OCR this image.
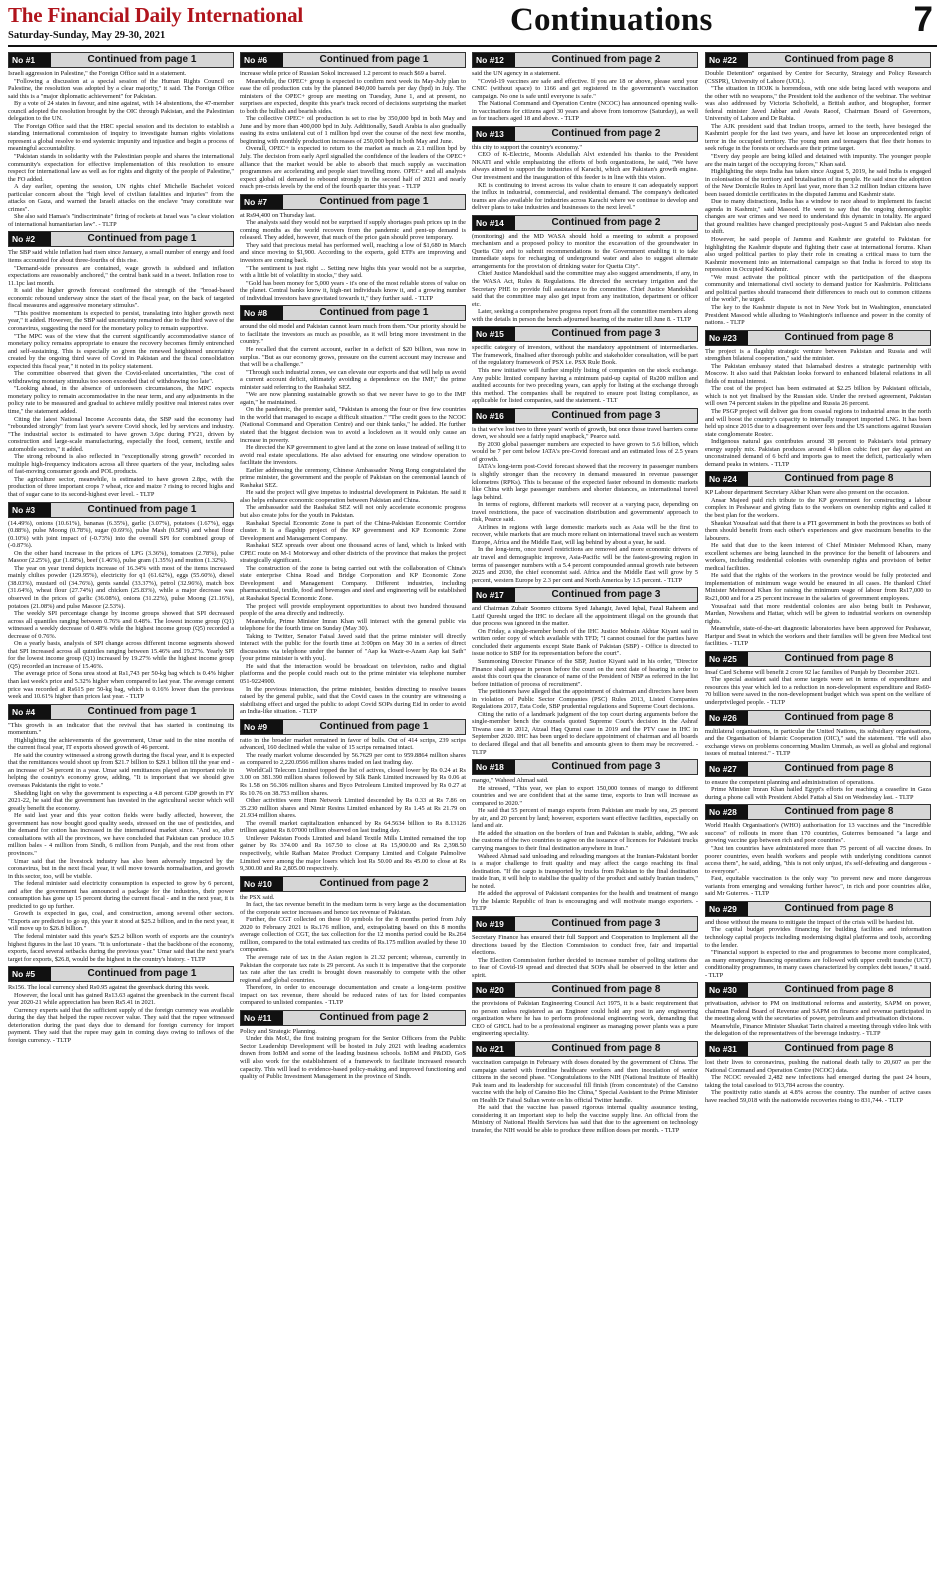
The Financial Daily International
Saturday-Sunday, May 29-30, 2021	Continuations	7
No #1	Continued from page 1

Israeli aggression in Palestine," the Foreign Office said in a statement.

"Following a discussion at a special session of the Human Rights Council on Palestine, the resolution was adopted by a clear majority," it said. The Foreign Office said this is a "major diplomatic achievement" for Pakistan.

By a vote of 24 states in favour, and nine against, with 14 abstentions, the 47-member council adopted the resolution brought by the OIC through Pakistan, and the Palestinian delegation to the UN.

The Foreign Office said that the HRC special session and its decision to establish a standing international commission of inquiry to investigate human rights violations represent a global resolve to end systemic impunity and injustice and begin a process of meaningful accountability.

"Pakistan stands in solidarity with the Palestinian people and shares the international community's expectation for effective implementation of this resolution to ensure respect for international law as well as for rights and dignity of the people of Palestine," the FO added.

A day earlier, opening the session, UN rights chief Michelle Bachelet voiced particular concern about the "high level of civilian fatalities and injuries" from the attacks on Gaza, and warned the Israeli attacks on the enclave "may constitute war crimes".

She also said Hamas's "indiscriminate" firing of rockets at Israel was "a clear violation of international humanitarian law". - TLTP

No #2	Continued from page 1

The SBP said while inflation had risen since January, a small number of energy and food items accounted for about three-fourths of this rise.

"Demand-side pressures are contained, wage growth is subdued and inflation expectations are reasonably anchored," the central bank said in a tweet. Inflation rose to 11.1pc last month.

It said the higher growth forecast confirmed the strength of the "broad-based economic rebound underway since the start of the fiscal year, on the back of targeted fiscal measures and aggressive monetary stimulus".

"This positive momentum is expected to persist, translating into higher growth next year," it added. However, the SBP said uncertainty remained due to the third wave of the coronavirus, suggesting the need for the monetary policy to remain supportive.

"The MPC was of the view that the current significantly accommodative stance of monetary policy remains appropriate to ensure the recovery becomes firmly entrenched and self-sustaining. This is especially so given the renewed heightened uncertainty created by the ongoing third wave of Covid in Pakistan and the fiscal consolidation expected this fiscal year," it noted in its policy statement.

The committee observed that given the Covid-related uncertainties, "the cost of withdrawing monetary stimulus too soon exceeded that of withdrawing too late".

"Looking ahead, in the absence of unforeseen circumstances, the MPC expects monetary policy to remain accommodative in the near term, and any adjustments in the policy rate to be measured and gradual to achieve mildly positive real interest rates over time," the statement added.

Citing the latest National Income Accounts data, the SBP said the economy had "rebounded strongly" from last year's severe Covid shock, led by services and industry. "The industrial sector is estimated to have grown 3.6pc during FY21, driven by construction and large-scale manufacturing, especially the food, cement, textile and automobile sectors," it added.

The strong rebound is also reflected in "exceptionally strong growth" recorded in multiple high-frequency indicators across all three quarters of the year, including sales of fast-moving consumer goods and POL products.

The agriculture sector, meanwhile, is estimated to have grown 2.8pc, with the production of three important crops ? wheat, rice and maize ? rising to record highs and that of sugar cane to its second-highest ever level. - TLTP

No #3	Continued from page 1

(14.49%), onions (10.61%), bananas (6.35%), garlic (3.07%), potatoes (1.67%), eggs (0.88%), pulse Moong (0.78%), sugar (0.69%), pulse Mash (0.58%) and wheat flour (0.10%) with joint impact of (-0.73%) into the overall SPI for combined group of (-0.87%).

On the other hand increase in the prices of LPG (3.36%), tomatoes (2.78%), pulse Masoor (2.25%), gur (1.68%), beef (1.46%), pulse gram (1.35%) and mutton (1.32%).

The year on year trend depicts increase of 16.34% with most of the items increased mainly chilies powder (129.95%), electricity for q1 (61.62%), eggs (55.60%), diesel (38.03%), mustard oil (34.76%), gents sandal (33.37%), petrol (32.96%), match box (31.64%), wheat flour (27.74%) and chicken (25.83%), while a major decrease was observed in the prices of garlic (36.08%), onions (31.22%), pulse Moong (21.16%), potatoes (21.08%) and pulse Masoor (2.53%).

The weekly SPI percentage change by income groups showed that SPI decreased across all quantiles ranging between 0.76% and 0.48%. The lowest income group (Q1) witnessed a weekly decrease of 0.48% while the highest income group (Q5) recorded a decrease of 0.76%.

On a yearly basis, analysis of SPI change across different income segments showed that SPI increased across all quintiles ranging between 15.46% and 19.27%. Yearly SPI for the lowest income group (Q1) increased by 19.27% while the highest income group (Q5) recorded an increase of 15.46%.

The average price of Sona urea stood at Rs1,743 per 50-kg bag which is 0.4% higher than last week's price and 5.32% higher when compared to last year. The average cement price was recorded at Rs615 per 50-kg bag, which is 0.16% lower than the previous week and 10.61% higher than prices last year. - TLTP

No #4	Continued from page 1

"This growth is an indicator that the revival that has started is continuing its momentum."

Highlighting the achievements of the government, Umar said in the nine months of the current fiscal year, IT exports showed growth of 46 percent.

He said the country witnessed a strong growth during the fiscal year, and it is expected that the remittances would shoot up from $21.7 billion to $29.1 billion till the year end - an increase of 34 percent in a year. Umar said remittances played an important role in helping the country's economy grow, adding, "It is important that we should give overseas Pakistanis the right to vote."

Shedding light on why the government is expecting a 4.8 percent GDP growth in FY 2021-22, he said that the government has invested in the agricultural sector which will greatly benefit the economy.

He said last year and this year cotton fields were badly affected, however, the government has now bought good quality seeds, stressed on the use of pesticides, and the demand for cotton has increased in the international market since. "And so, after consultations with all the provinces, we have concluded that Pakistan can produce 10.5 million bales - 4 million from Sindh, 6 million from Punjab, and the rest from other provinces."

Umar said that the livestock industry has also been adversely impacted by the coronavirus, but in the next fiscal year, it will move towards normalisation, and growth in this sector, too, will be visible.

The federal minister said electricity consumption is expected to grow by 6 percent, and after the government has announced a package for the industries, their power consumption has gone up 15 percent during the current fiscal - and in the next year, it is predicted to go up further.

Growth is expected in gas, coal, and construction, among several other sectors. "Exports are predicted to go up, this year it stood at $25.2 billion, and in the next year, it will move up to $26.8 billion."

The federal minister said this year's $25.2 billion worth of exports are the country's highest figures in the last 10 years. "It is unfortunate - that the backbone of the economy, exports, faced several setbacks during the previous year." Umar said that the next year's target for exports, $26.8, would be the highest in the country's history. - TLTP

No #5	Continued from page 1

Rs156. The local currency shed Rs0.95 against the greenback during this week.

However, the local unit has gained Rs13.63 against the greenback in the current fiscal year 2020-21 while appreciation has been Rs5.41 in 2021.

Currency experts said that the sufficient supply of the foreign currency was available during the day that helped the rupee recover value. They said that the rupee witnessed deterioration during the past days due to demand for foreign currency for import payment. They said that the rupee may gain in coming days owing to inflows of the foreign currency. - TLTP

No #6	Continued from page 1

increase while price of Russian Sokol increased 1.2 percent to reach $69 a barrel.

Meanwhile, the OPEC+ group is expected to confirm next week its May-July plan to ease the oil production cuts by the planned 840,000 barrels per day (bpd) in July. The ministers of the OPEC+ group are meeting on Tuesday, June 1, and at present, no surprises are expected, despite this year's track record of decisions surprising the market to both the bullish and bearish sides.

The collective OPEC+ oil production is set to rise by 350,000 bpd in both May and June and by more than 400,000 bpd in July. Additionally, Saudi Arabia is also gradually easing its extra unilateral cut of 1 million bpd over the course of the next few months, beginning with monthly production increases of 250,000 bpd in both May and June.

Overall, OPEC+ is expected to return to the market as much as 2.1 million bpd by July. The decision from early April signalled the confidence of the leaders of the OPEC+ alliance that the market would be able to absorb that much supply as vaccination programmes are accelerating and people start travelling more. OPEC+ and all analysts expect global oil demand to rebound strongly in the second half of 2021 and nearly reach pre-crisis levels by the end of the fourth quarter this year. - TLTP

No #7	Continued from page 1

at Rs94,400 on Thursday last.

The analysts said they would not be surprised if supply shortages push prices up in the coming months as the world recovers from the pandemic and pent-up demand is released. They added, however, that much of the price gain should prove temporary.

They said that precious metal has performed well, reaching a low of $1,680 in March and since moving to $1,900. According to the experts, gold ETFs are improving and investors are coming back.

"The sentiment is just right ... Setting new highs this year would not be a surprise, with a little bit of volatility in stocks," they said.

"Gold has been money for 5,000 years - it's one of the most reliable stores of value on the planet. Central banks know it, high-net individuals know it, and a growing number of individual investors have gravitated towards it," they further said. - TLTP

No #8	Continued from page 1

around the old model and Pakistan cannot learn much from them."Our priority should be to facilitate the investors as much as possible, as it will bring more investment in the country."

He recalled that the current account, earlier in a deficit of $20 billion, was now in surplus. "But as our economy grows, pressure on the current account may increase and that will be a challenge."

"Through such industrial zones, we can elevate our exports and that will help us avoid a current account deficit, ultimately avoiding a dependence on the IMF," the prime minister said referring to the Rashakai SEZ.

"We are now planning sustainable growth so that we never have to go to the IMF again," he maintained.

On the pandemic, the premier said, "Pakistan is among the four or five few countries in the world that managed to escape a difficult situation." "The credit goes to the NCOC (National Command and Operation Centre) and our think tanks," he added. He further stated that the biggest decision was to avoid a lockdown as it would only cause an increase in poverty.

He directed the KP government to give land at the zone on lease instead of selling it to avoid real estate speculations. He also advised for ensuring one window operation to facilitate the investors.

Earlier addressing the ceremony, Chinese Ambassador Nong Rong congratulated the prime minister, the government and the people of Pakistan on the ceremonial launch of Rashakai SEZ.

He said the project will give impetus to industrial development in Pakistan. He said it also helps enhance economic cooperation between Pakistan and China.

The ambassador said the Rashakai SEZ will not only accelerate economic progress but also create jobs for the youth in Pakistan.

Rashakai Special Economic Zone is part of the China-Pakistan Economic Corridor cluster. It is a flagship project of the KP government and KP Economic Zone Development and Management Company.

Rashakai SEZ spreads over about one thousand acres of land, which is linked with CPEC route on M-1 Motorway and other districts of the province that makes the project strategically significant.

The construction of the zone is being carried out with the collaboration of China's state enterprise China Road and Bridge Corporation and KP Economic Zone Development and Management Company. Different industries, including pharmaceutical, textile, food and beverages and steel and engineering will be established at Rashakai Special Economic Zone.

The project will provide employment opportunities to about two hundred thousand people of the area directly and indirectly.

Meanwhile, Prime Minister Imran Khan will interact with the general public via telephone for the fourth time on Sunday (May 30).

Taking to Twitter, Senator Faisal Javed said that the prime minister will directly interact with the public for the fourth time at 3:00pm on May 30 in a series of direct discussions via telephone under the banner of "Aap ka Wazir-e-Azam Aap kai Sath" [your prime minister is with you].

He said that the interaction would be broadcast on television, radio and digital platforms and the people could reach out to the prime minister via telephone number 051-9224900.

In the previous interaction, the prime minister, besides directing to resolve issues raised by the general public, said that the Covid cases in the country are witnessing a stabilising effect and urged the public to adopt Covid SOPs during Eid in order to avoid an India-like situation. - TLTP

No #9	Continued from page 1

ratio in the broader market remained in favor of bulls. Out of 414 scrips, 239 scrips advanced, 160 declined while the value of 15 scrips remained intact.

The ready market volume descended by 56.7629 per cent to 959.8864 million shares as compared to 2,220.0566 million shares traded on last trading day.

WorldCall Telecom Limited topped the list of actives, closed lower by Rs 0.24 at Rs 3.00 on 381.390 million shares followed by Silk Bank Limited increased by Rs 0.06 at Rs 1.58 on 56.306 million shares and Byco Petroleum Limited improved by Rs 0.27 at Rs 10.76 on 38.753 million shares.

Other activities were Hum Network Limited descended by Rs 0.33 at Rs 7.86 on 35.230 million shares and Nimir Resins Limited enhanced by Rs 1.45 at Rs 21.79 on 21.934 million shares.

The overall market capitalization enhanced by Rs 64.5634 billion to Rs 8.13126 trillion against Rs 8.07000 trillion observed on last trading day.

Unilever Pakistan Foods Limited and Island Textile Mills Limited remained the top gainer by Rs 374.00 and Rs 167.50 to close at Rs 15,900.00 and Rs 2,398.50 respectively, while Rafhan Maize Product Company Limited and Colgate Palmolive Limited were among the major losers which lost Rs 50.00 and Rs 45.00 to close at Rs 9,300.00 and Rs 2,805.00 respectively.

No #10	Continued from page 2

the PSX said.

In fact, the tax revenue benefit in the medium term is very large as the documentation of the corporate sector increases and hence tax revenue of Pakistan.

Further, the CGT collected on these 10 symbols for the 8 months period from July 2020 to February 2021 is Rs.176 million, and, extrapolating based on this 8 months average collection of CGT, the tax collection for the 12 months period could be Rs.264 million, compared to the total estimated tax credits of Rs.175 million availed by these 10 companies.

The average rate of tax in the Asian region is 21.32 percent; whereas, currently in Pakistan the corporate tax rate is 29 percent. As such it is imperative that the corporate tax rate after the tax credit is brought down reasonably to compete with the other regional and global countries.

Therefore, in order to encourage documentation and create a long-term positive impact on tax revenue, there should be reduced rates of tax for listed companies compared to unlisted companies. - TLTP

No #11	Continued from page 2

Policy and Strategic Planning.

Under this MoU, the first training program for the Senior Officers from the Public Sector Leadership Development will be hosted in July 2021 with leading academics drawn from IoBM and some of the leading business schools. IoBM and P&DD, GoS will also work for the establishment of a framework to facilitate increased research capacity. This will lead to evidence-based policy-making and improved functioning and quality of Public Investment Management in the province of Sindh.

No #12	Continued from page 2

said the UN agency in a statement.

"Covid-19 vaccines are safe and effective. If you are 18 or above, please send your CNIC (without space) to 1166 and get registered in the government's vaccination campaign. No one is safe until everyone is safe."

The National Command and Operation Centre (NCOC) has announced opening walk-in vaccinations for citizens aged 30 years and above from tomorrow (Saturday), as well as for teachers aged 18 and above. - TLTP

No #13	Continued from page 2

this city to support the country's economy."

CEO of K-Electric, Moonis Abdullah Alvi extended his thanks to the President NKATI and while emphasizing the efforts of both organizations, he said, "We have always aimed to support the industries of Karachi, which are Pakistan's growth engine. Our investment and the inauguration of this feeder is in line with this vision.

KE is continuing to invest across its value chain to ensure it can adequately support the influx in industrial, commercial, and residential demand. The company's dedicated teams are also available for industries across Karachi where we continue to develop and deliver plans to take industries and businesses to the next level."

No #14	Continued from page 2

(monitoring) and the MD WASA should hold a meeting to submit a proposed mechanism and a proposed policy to monitor the excavation of the groundwater in Quetta City and to submit recommendations to the Government enabling it to take immediate steps for recharging of underground water and also to suggest alternate arrangements for the provision of drinking water for Quetta City".

Chief Justice Mandokhail said the committee may also suggest amendments, if any, in the WASA Act, Rules & Regulations. He directed the secretary irrigation and the Secretary PHE to provide full assistance to the committee. Chief Justice Mandokhail said that the committee may also get input from any institution, department or officer etc.

Later, seeking a comprehensive progress report from all the committee members along with the details in person the bench adjourned hearing of the matter till June 8. - TLTP

No #15	Continued from page 3

specific category of investors, without the mandatory appointment of intermediaries. The framework, finalised after thorough public and stakeholder consultation, will be part of the regulatory framework of PSX i.e. PSX Rule Book.

This new initiative will further simplify listing of companies on the stock exchange. Any public limited company having a minimum paid-up capital of Rs200 million and audited accounts for two preceding years, can apply for listing at the exchange through this method. The companies shall be required to ensure post listing compliance, as applicable for listed companies, said the statement. - TLT

No #16	Continued from page 3

is that we've lost two to three years' worth of growth, but once those travel barriers come down, we should see a fairly rapid snapback," Pearce said.

By 2030 global passenger numbers are expected to have grown to 5.6 billion, which would be 7 per cent below IATA's pre-Covid forecast and an estimated loss of 2.5 years of growth.

IATA's long-term post-Covid forecast showed that the recovery in passenger numbers is slightly stronger than the recovery in demand measured in revenue passenger kilometres (RPKs). This is because of the expected faster rebound in domestic markets like China with large passenger numbers and shorter distances, as international travel lags behind.

In terms of regions, different markets will recover at a varying pace, depending on travel restrictions, the pace of vaccination distribution and governments' approach to risk, Pearce said.

Airlines in regions with large domestic markets such as Asia will be the first to recover, while markets that are much more reliant on international travel such as western Europe, Africa and the Middle East, will lag behind by about a year, he said.

In the long-term, once travel restrictions are removed and more economic drivers of air travel and demographic improve, Asia-Pacific will be the fastest-growing region in terms of passenger numbers with a 5.4 percent compounded annual growth rate between 2025 and 2030, the chief economist said. Africa and the Middle East will grow by 5 percent, western Europe by 2.3 per cent and North America by 1.5 percent. - TLTP

No #17	Continued from page 3

and Chairman Zubair Soomro citizens Syed Jahangir, Javed Iqbal, Fazal Raheem and Latif Qureshi urged the IHC to declare all the appointment illegal on the grounds that due process was ignored in the matter.

On Friday, a single-member bench of the IHC Justice Mohsin Akhtar Kiyani said in written order copy of which available with TFD; "I cannot counsel for the parties have concluded their arguments except State Bank of Pakistan (SBP) - Office is directed to issue notice to SBP for its representation before the court".

Summoning Director Finance of the SBP, Justice Kiyani said in his order, "Director Finance shall appear in person before the court on the next date of hearing in order to assist this court qua the clearance of name of the President of NBP as referred in the list before initiation of process of recruitment".

The petitioners have alleged that the appointment of chairman and directors have been in violation of Public Sector Companies (PSC) Rules 2013, Listed Companies Regulations 2017, Esta Code, SBP prudential regulations and Supreme Court decisions.

Citing the ratio of a landmark judgment of the top court during arguments before the single-member bench the counsels quoted Supreme Court's decision in the Ashraf Tiwana case in 2012, Atzaal Haq Qumsi case in 2019 and the PTV case in IHC in September 2020. IHC has been urged to declare appointment of chairman and all boards to declared illegal and that all benefits and amounts given to them may be recovered. - TLTP

No #18	Continued from page 3

mango," Waheed Ahmad said.

He stressed, "This year, we plan to export 150,000 tonnes of mango to different countries and we are confident that at the same time, exports to Iran will increase as compared to 2020."

He said that 55 percent of mango exports from Pakistan are made by sea, 25 percent by air, and 20 percent by land; however, exporters want effective facilities, especially on land and air.

He added the situation on the borders of Iran and Pakistan is stable, adding, "We ask the customs of the two countries to agree on the issuance of licences for Pakistani trucks carrying mangoes to their final destination anywhere in Iran."

Waheed Ahmad said unloading and reloading mangoes at the Iranian-Pakistani border is a major challenge to fruit quality and may affect the cargo reaching its final destination. "If the cargo is transported by trucks from Pakistan to the final destination inside Iran, it will help to stabilise the quality of the product and satisfy Iranian traders," he noted.

He added the approval of Pakistani companies for the health and treatment of mango by the Islamic Republic of Iran is encouraging and will motivate mango exporters. - TLTP

No #19	Continued from page 3

Secretary Finance has ensured their full Support and Cooperation to Implement all the directions issued by the Election Commission to conduct free, fair and impartial elections.

The Election Commission further decided to increase number of polling stations due to fear of Covid-19 spread and directed that SOPs shall be observed in the letter and spirit.

No #20	Continued from page 8

the provisions of Pakistan Engineering Council Act 1975, it is a basic requirement that no person unless registered as an Engineer could hold any post in any engineering organization where he has to perform professional engineering work, demanding that CEO of GHCL had to be a professional engineer as managing power plants was a pure engineering speciality.

No #21	Continued from page 8

vaccination campaign in February with doses donated by the government of China. The campaign started with frontline healthcare workers and then inoculation of senior citizens in the second phase. "Congratulations to the NIH (National Institute of Health) Pak team and its leadership for successful fill finish (from concentrate) of the Cansino vaccine with the help of Cansino Bio Inc China," Special Assistant to the Prime Minister on Health Dr Faisal Sultan wrote on his official Twitter handle.

He said that the vaccine has passed rigorous internal quality assurance testing, considering it an important step to help the vaccine supply line. An official from the Ministry of National Health Services has said that due to the agreement on technology transfer, the NIH would be able to produce three million doses per month. - TLTP

No #22	Continued from page 8

Double Detention" organised by Centre for Security, Strategy and Policy Research (CSSPR), University of Lahore (UOL).

"The situation in IIOJK is horrendous, with one side being laced with weapons and the other with no weapons," the President told the audience of the webinar. The webinar was also addressed by Victoria Schofield, a British author, and biographer, former federal minister Javed Jabbar and Awais Raoof, Chairman Board of Governors, University of Lahore and Dr Rabia.

The AJK president said that Indian troops, armed to the teeth, have besieged the Kashmiri people for the last two years, and have let loose an unprecedented reign of terror in the occupied territory. The young men and teenagers that flee their homes to seek refuge in the forests or orchards are their prime target.

"Every day people are being killed and detained with impunity. The younger people are the main target of the occupying forces," Khan said.

Highlighting the steps India has taken since August 5, 2019, he said India is engaged in colonisation of the territory and brutalisation of its people. He said since the adoption of the New Domicile Rules in April last year, more than 3.2 million Indian citizens have been issued domicile certificates in the disputed Jammu and Kashmir state.

Due to many distractions, India has a window to race ahead to implement its fascist agenda in Kashmir," said Masood. He went to say that the ongoing demographic changes are war crimes and we need to understand this dynamic in totality. He argued that ground realities have changed precipitously post-August 5 and Pakistan also needs to shift.

However, he said people of Jammu and Kashmir are grateful to Pakistan for highlighting the Kashmir dispute and fighting their case at international forums. Khan also urged political parties to play their role in creating a critical mass to turn the Kashmir movement into an international campaign so that India is forced to stop its repression in Occupied Kashmir.

"We must activate the political pincer with the participation of the diaspora community and international civil society to demand justice for Kashmiris. Politicians and political parties should transcend their differences to reach out to common citizens of the world", he urged.

The key to the Kashmir dispute is not in New York but in Washington, enunciated President Masood while alluding to Washington's influence and power in the comity of nations. - TLTP

No #23	Continued from page 8

The project is a flagship strategic venture between Pakistan and Russia and will strengthen bilateral cooperation," said the minister.

The Pakistan embassy stated that Islamabad desires a strategic partnership with Moscow. It also said that Pakistan looks forward to enhanced bilateral relations in all fields of mutual interest.

The cost of the project has been estimated at $2.25 billion by Pakistani officials, which is not yet finalised by the Russian side. Under the revised agreement, Pakistan will own 74 percent stakes in the pipeline and Russia 26 percent.

The PSGP project will deliver gas from coastal regions to industrial areas in the north and will boost the country's capacity to internally transport imported LNG. It has been held up since 2015 due to a disagreement over fees and the US sanctions against Russian state conglomerate Rostec.

Indigenous natural gas contributes around 38 percent to Pakistan's total primary energy supply mix. Pakistan produces around 4 billion cubic feet per day against an unconstrained demand of 6 bcfd and imports gas to meet the deficit, particularly when demand peaks in winters. - TLTP

No #24	Continued from page 8

KP Labour department Secretary Akbar Khan were also present on the occasion.

Ansar Majeed paid rich tribute to the KP government for constructing a labour complex in Peshawar and giving flats to the workers on ownership rights and called it the best plan for the workers.

Shaukat Yousafzai said that there is a PTI government in both the provinces so both of them should benefit from each other's experiences and give maximum benefits to the labourers.

He said that due to the keen interest of Chief Minister Mehmood Khan, many excellent schemes are being launched in the province for the benefit of labourers and workers, including residential colonies with ownership rights and provision of better medical facilities.

He said that the rights of the workers in the province would be fully protected and implementation of minimum wage would be ensured in all cases. He thanked Chief Minister Mehmood Khan for raising the minimum wage of labour from Rs17,000 to Rs21,000 and for a 25 percent increase in the salaries of government employees.

Yousafzai said that more residential colonies are also being built in Peshawar, Mardan, Nowshera and Hattar, which will be given to industrial workers on ownership rights.

Meanwhile, state-of-the-art diagnostic laboratories have been approved for Peshawar, Haripur and Swat in which the workers and their families will be given free Medical test facilities. - TLTP

No #25	Continued from page 8

Insaf Card Scheme will benefit 2 crore 92 lac families of Punjab by December 2021.

The special assistant said that some targets were set in terms of expenditure and resources this year which led to a reduction in non-development expenditure and Rs60-70 billion were saved in the non-development budget which was spent on the welfare of underprivileged people. - TLTP

No #26	Continued from page 8

multilateral organisations, in particular the United Nations, its subsidiary organisations, and the Organisation of Islamic Cooperation (OIC)," said the statement. "He will also exchange views on problems concerning Muslim Ummah, as well as global and regional issues of mutual interest." - TLTP

No #27	Continued from page 8

to ensure the competent planning and administration of operations.

Prime Minister Imran Khan hailed Egypt's efforts for reaching a ceasefire in Gaza during a phone call with President Abdel Fattah al Sisi on Wednesday last. - TLTP

No #28	Continued from page 8

World Health Organisation's (WHO) authorisation for 13 vaccines and the "incredible success" of rollouts in more than 170 countries, Guterres bemoaned "a large and growing vaccine gap between rich and poor countries".

"Just ten countries have administered more than 75 percent of all vaccine doses. In poorer countries, even health workers and people with underlying conditions cannot access them", he said, adding, "this is not only unjust, it's self-defeating and dangerous - to everyone".

Fast, equitable vaccination is the only way "to prevent new and more dangerous variants from emerging and wreaking further havoc", in rich and poor countries alike, said Mr Guterres. - TLTP

No #29	Continued from page 8

and those without the means to mitigate the impact of the crisis will be hardest hit.

The capital budget provides financing for building facilities and information technology capital projects including modernising digital platforms and tools, according to the lender.

"Financial support is expected to rise and programmes to become more complicated, as many emergency financing operations are followed with upper credit tranche (UCT) conditionality programmes, in many cases characterized by complex debt issues," it said. - TLTP

No #30	Continued from page 8

privatisation, advisor to PM on institutional reforms and austerity, SAPM on power, chairman Federal Board of Revenue and SAPM on finance and revenue participated in the meeting along with the secretaries of power, petroleum and privatisation divisions.

Meanwhile, Finance Minister Shaukat Tarin chaired a meeting through video link with the delegation of the representatives of the beverage industry. - TLTP

No #31	Continued from page 8

lost their lives to coronavirus, pushing the national death tally to 20,607 as per the National Command and Operation Centre (NCOC) data.

The NCOC revealed 2,482 new infections had emerged during the past 24 hours, taking the total caseload to 913,784 across the country.

The positivity ratio stands at 4.8% across the country. The number of active cases have reached 59,018 with the nationwide recoveries rising to 831,744. - TLTP
